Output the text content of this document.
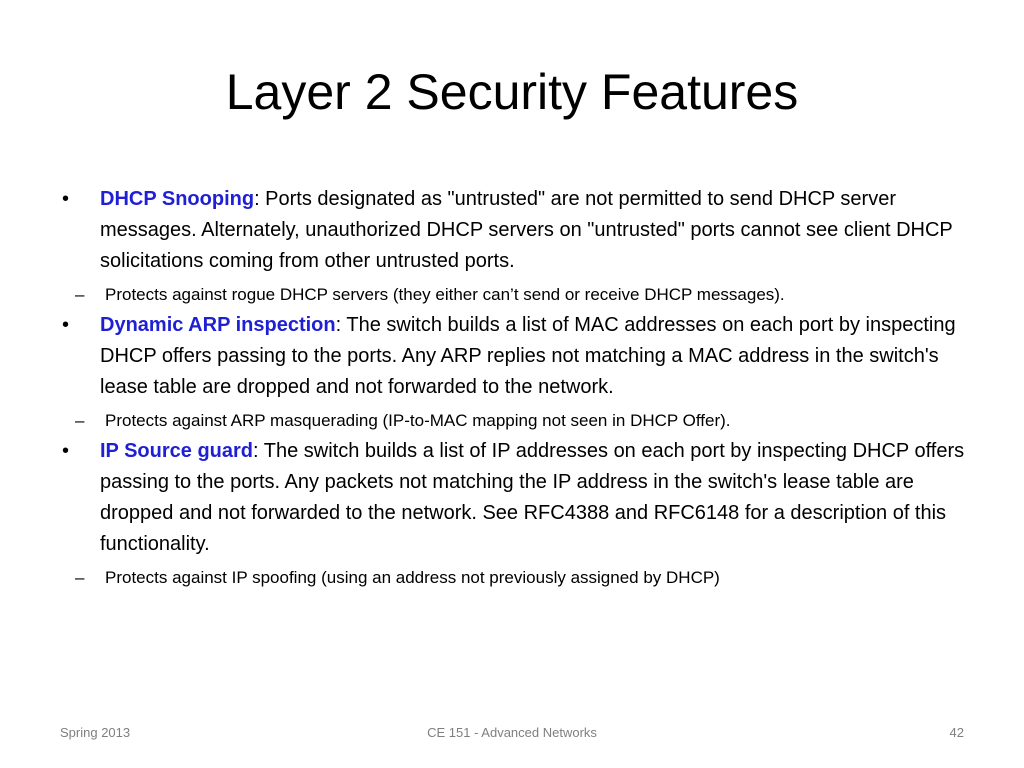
Layer 2 Security Features
• DHCP Snooping: Ports designated as "untrusted" are not permitted to send DHCP server messages. Alternately, unauthorized DHCP servers on "untrusted" ports cannot see client DHCP solicitations coming from other untrusted ports.
– Protects against rogue DHCP servers (they either can’t send or receive DHCP messages).
• Dynamic ARP inspection: The switch builds a list of MAC addresses on each port by inspecting DHCP offers passing to the ports. Any ARP replies not matching a MAC address in the switch's lease table are dropped and not forwarded to the network.
– Protects against ARP masquerading (IP-to-MAC mapping not seen in DHCP Offer).
• IP Source guard: The switch builds a list of IP addresses on each port by inspecting DHCP offers passing to the ports. Any packets not matching the IP address in the switch's lease table are dropped and not forwarded to the network. See RFC4388 and RFC6148 for a description of this functionality.
– Protects against IP spoofing (using an address not previously assigned by DHCP)
Spring 2013	CE 151 - Advanced Networks	42
